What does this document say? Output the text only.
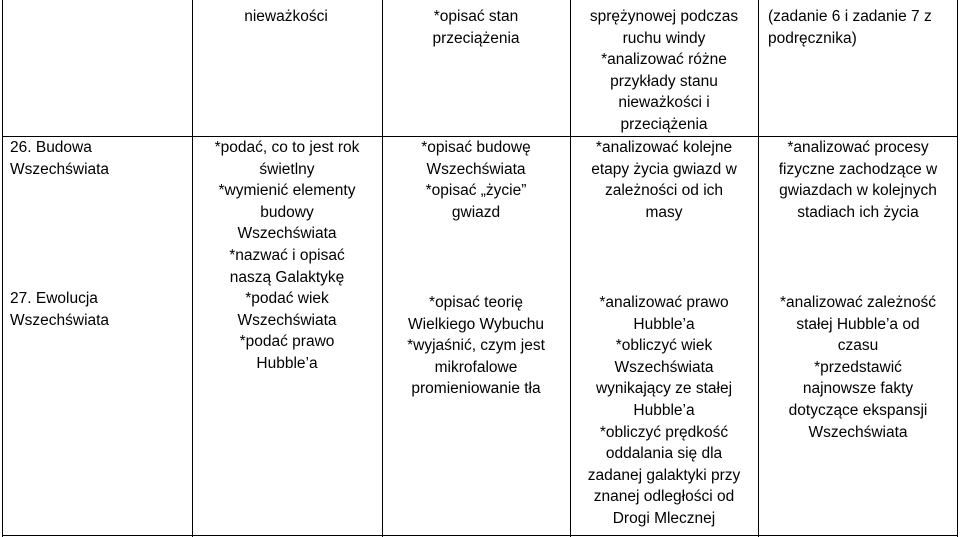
nieważkości	*opisać stan
przeciążenia
sprężynowej podczas
ruchu windy
*analizować różne
przykłady stanu
nieważkości i
przeciążenia
(zadanie 6 i zadanie 7 z
podręcznika)
26. Budowa
Wszechświata

27. Ewolucja
Wszechświata
*podać, co to jest rok
świetlny
*wymienić elementy
budowy
Wszechświata
*nazwać i opisać
naszą Galaktykę
*podać wiek
Wszechświata
*podać prawo
Hubble’a
*opisać budowę
Wszechświata
*opisać „życie”
gwiazd
*opisać teorię
Wielkiego Wybuchu
*wyjaśnić, czym jest
mikrofalowe
promieniowanie tła
*analizować kolejne
etapy życia gwiazd w
zależności od ich
masy
*analizować prawo
Hubble’a
*obliczyć wiek
Wszechświata
wynikający ze stałej
Hubble’a
*obliczyć prędkość
oddalania się dla
zadanej galaktyki przy
znanej odległości od
Drogi Mlecznej
*analizować procesy
fizyczne zachodzące w
gwiazdach w kolejnych
stadiach ich życia
*analizować zależność
stałej Hubble’a od
czasu
*przedstawić
najnowsze fakty
dotyczące ekspansji
Wszechświata
